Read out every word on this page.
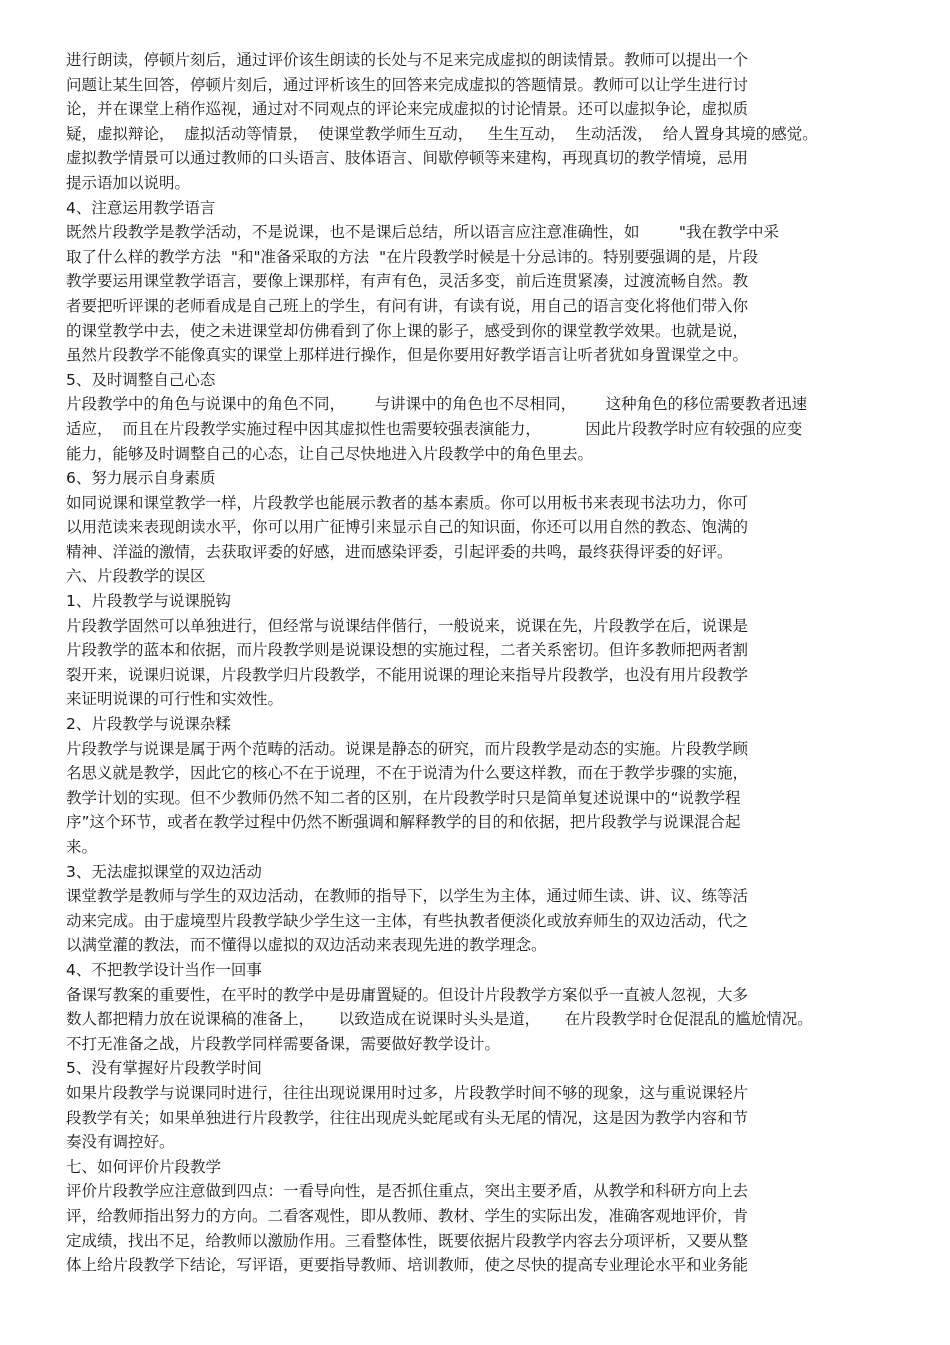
进行朗读，停顿片刻后，通过评价该生朗读的长处与不足来完成虚拟的朗读情景。教师可以提出一个
问题让某生回答，停顿片刻后，通过评析该生的回答来完成虚拟的答题情景。教师可以让学生进行讨
论，并在课堂上稍作巡视，通过对不同观点的评论来完成虚拟的讨论情景。还可以虚拟争论，虚拟质
疑，虚拟辩论，  虚拟活动等情景，  使课堂教学师生互动，   生生互动，  生动活泼，  给人置身其境的感觉。
虚拟教学情景可以通过教师的口头语言、肢体语言、间歇停顿等来建构，再现真切的教学情境，忌用
提示语加以说明。
4、注意运用教学语言
既然片段教学是教学活动，不是说课，也不是课后总结，所以语言应注意准确性，如        "我在教学中采
取了什么样的教学方法  "和"准备采取的方法  "在片段教学时候是十分忌讳的。特别要强调的是，片段
教学要运用课堂教学语言，要像上课那样，有声有色，灵活多变，前后连贯紧凑，过渡流畅自然。教
者要把听评课的老师看成是自己班上的学生，有问有讲，有读有说，用自己的语言变化将他们带入你
的课堂教学中去，使之未进课堂却仿佛看到了你上课的影子，感受到你的课堂教学效果。也就是说，
虽然片段教学不能像真实的课堂上那样进行操作，但是你要用好教学语言让听者犹如身置课堂之中。
5、及时调整自己心态
片段教学中的角色与说课中的角色不同，      与讲课中的角色也不尽相同，      这种角色的移位需要教者迅速
适应，  而且在片段教学实施过程中因其虚拟性也需要较强表演能力，         因此片段教学时应有较强的应变
能力，能够及时调整自己的心态，让自己尽快地进入片段教学中的角色里去。
6、努力展示自身素质
如同说课和课堂教学一样，片段教学也能展示教者的基本素质。你可以用板书来表现书法功力，你可
以用范读来表现朗读水平，你可以用广征博引来显示自己的知识面，你还可以用自然的教态、饱满的
精神、洋溢的激情，去获取评委的好感，进而感染评委，引起评委的共鸣，最终获得评委的好评。
六、片段教学的误区
1、片段教学与说课脱钩
片段教学固然可以单独进行，但经常与说课结伴偕行，一般说来，说课在先，片段教学在后，说课是
片段教学的蓝本和依据，而片段教学则是说课设想的实施过程，二者关系密切。但许多教师把两者割
裂开来，说课归说课，片段教学归片段教学，不能用说课的理论来指导片段教学，也没有用片段教学
来证明说课的可行性和实效性。
2、片段教学与说课杂糅
片段教学与说课是属于两个范畴的活动。说课是静态的研究，而片段教学是动态的实施。片段教学顾
名思义就是教学，因此它的核心不在于说理，不在于说清为什么要这样教，而在于教学步骤的实施，
教学计划的实现。但不少教师仍然不知二者的区别，在片段教学时只是简单复述说课中的“说教学程
序”这个环节，或者在教学过程中仍然不断强调和解释教学的目的和依据，把片段教学与说课混合起
来。
3、无法虚拟课堂的双边活动
课堂教学是教师与学生的双边活动，在教师的指导下，以学生为主体，通过师生读、讲、议、练等活
动来完成。由于虚境型片段教学缺少学生这一主体，有些执教者便淡化或放弃师生的双边活动，代之
以满堂灌的教法，而不懂得以虚拟的双边活动来表现先进的教学理念。
4、不把教学设计当作一回事
备课写教案的重要性，在平时的教学中是毋庸置疑的。但设计片段教学方案似乎一直被人忽视，大多
数人都把精力放在说课稿的准备上，     以致造成在说课时头头是道，     在片段教学时仓促混乱的尴尬情况。
不打无准备之战，片段教学同样需要备课，需要做好教学设计。
5、没有掌握好片段教学时间
如果片段教学与说课同时进行，往往出现说课用时过多，片段教学时间不够的现象，这与重说课轻片
段教学有关；如果单独进行片段教学，往往出现虎头蛇尾或有头无尾的情况，这是因为教学内容和节
奏没有调控好。
七、如何评价片段教学
评价片段教学应注意做到四点：一看导向性，是否抓住重点，突出主要矛盾，从教学和科研方向上去
评，给教师指出努力的方向。二看客观性，即从教师、教材、学生的实际出发，准确客观地评价，肯
定成绩，找出不足，给教师以激励作用。三看整体性，既要依据片段教学内容去分项评析，又要从整
体上给片段教学下结论，写评语，更要指导教师、培训教师，使之尽快的提高专业理论水平和业务能
